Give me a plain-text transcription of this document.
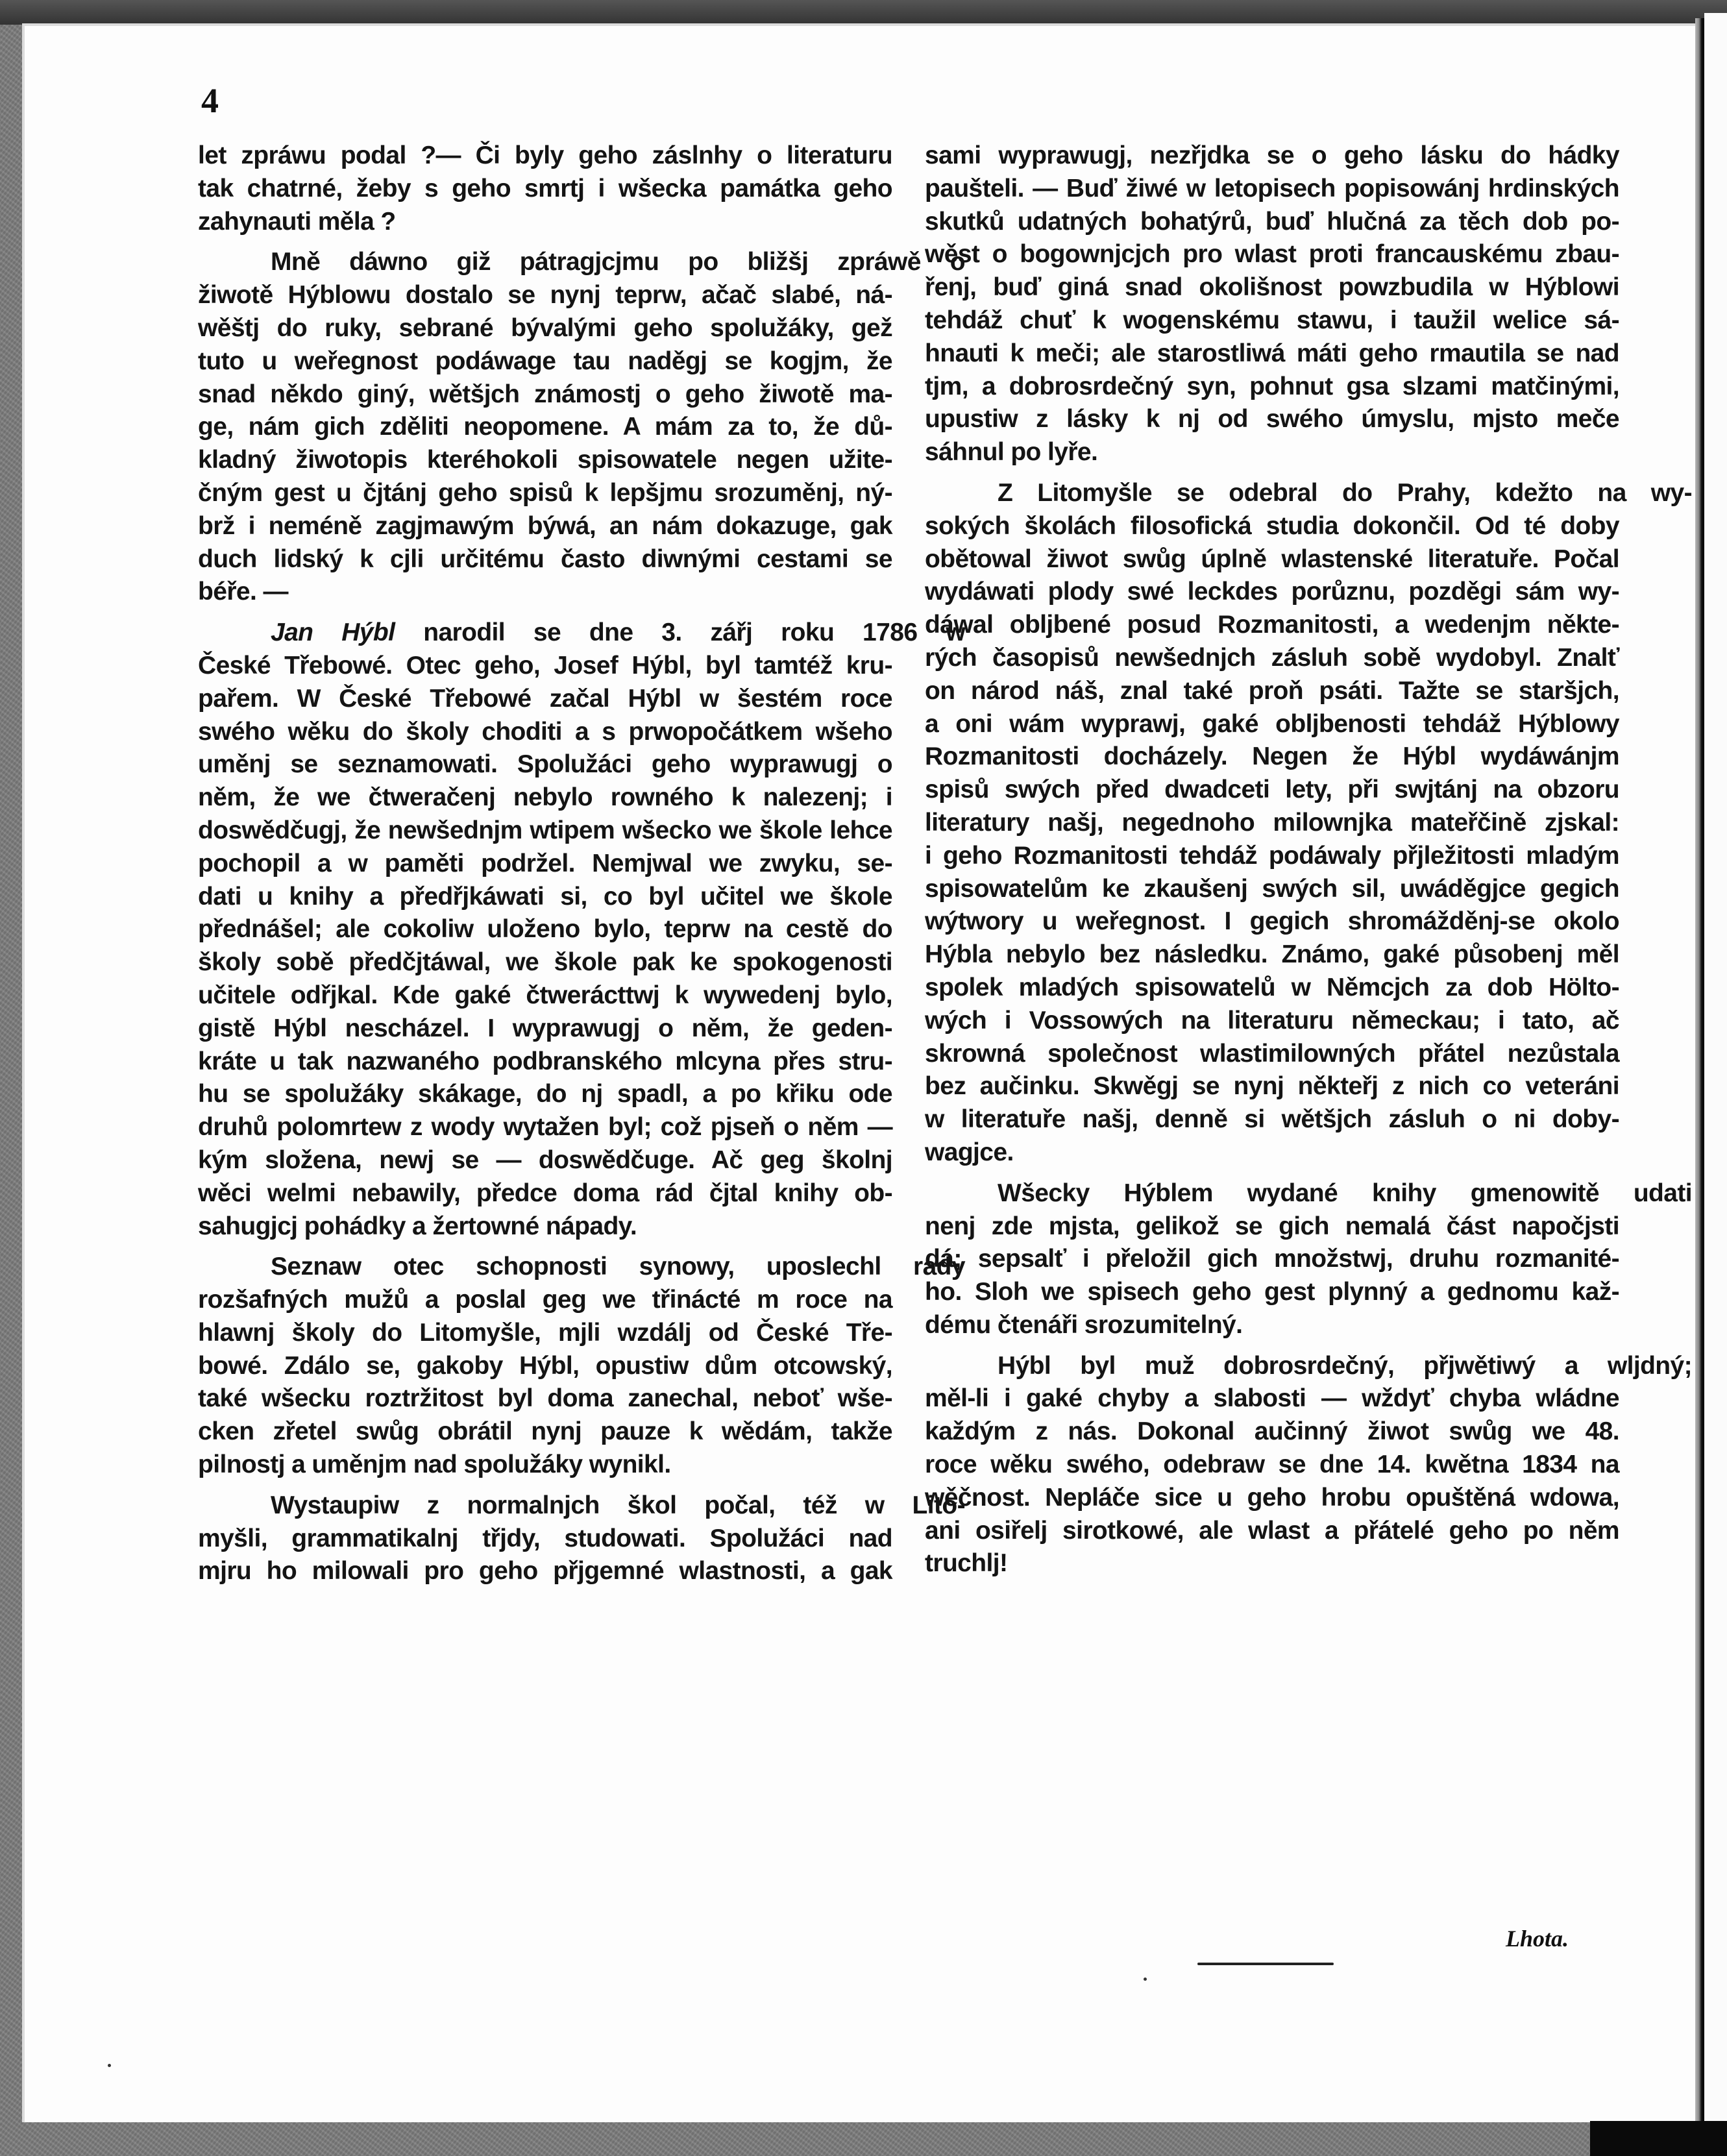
4
let zpráwu podal ?— Či byly geho záslnhy o literaturu
tak chatrné, žeby s geho smrtj i wšecka památka geho
zahynauti měla ?
Mně dáwno giž pátragjcjmu po bližšj zpráwě o
žiwotě Hýblowu dostalo se nynj teprw, ačač slabé, ná-
wěštj do ruky, sebrané bývalými geho spolužáky, gež
tuto u weřegnost podáwage tau naděgj se kogjm, že
snad někdo giný, wětšjch známostj o geho žiwotě ma-
ge, nám gich zděliti neopomene. A mám za to, že dů-
kladný žiwotopis kteréhokoli spisowatele negen užite-
čným gest u čjtánj geho spisů k lepšjmu srozuměnj, ný-
brž i neméně zagjmawým býwá, an nám dokazuge, gak
duch lidský k cjli určitému často diwnými cestami se
béře. —
Jan Hýbl narodil se dne 3. zářj roku 1786 w
České Třebowé. Otec geho, Josef Hýbl, byl tamtéž kru-
pařem. W České Třebowé začal Hýbl w šestém roce
swého wěku do školy choditi a s prwopočátkem wšeho
uměnj se seznamowati. Spolužáci geho wyprawugj o
něm, že we čtweračenj nebylo rowného k nalezenj; i
doswědčugj, že newšednjm wtipem wšecko we škole lehce
pochopil a w paměti podržel. Nemjwal we zwyku, se-
dati u knihy a předřjkáwati si, co byl učitel we škole
přednášel; ale cokoliw uloženo bylo, teprw na cestě do
školy sobě předčjtáwal, we škole pak ke spokogenosti
učitele odřjkal. Kde gaké čtwerácttwj k wywedenj bylo,
gistě Hýbl nescházel. I wyprawugj o něm, že geden-
kráte u tak nazwaného podbranského mlcyna přes stru-
hu se spolužáky skákage, do nj spadl, a po křiku ode
druhů polomrtew z wody wytažen byl; což pjseň o něm —
kým složena, newj se — doswědčuge. Ač geg školnj
wěci welmi nebawily, předce doma rád čjtal knihy ob-
sahugjcj pohádky a žertowné nápady.
Seznaw otec schopnosti synowy, uposlechl rady
rozšafných mužů a poslal geg we třinácté m roce na
hlawnj školy do Litomyšle, mjli wzdálj od České Tře-
bowé. Zdálo se, gakoby Hýbl, opustiw dům otcowský,
také wšecku roztržitost byl doma zanechal, neboť wše-
cken zřetel swůg obrátil nynj pauze k wědám, takže
pilnostj a uměnjm nad spolužáky wynikl.
Wystaupiw z normalnjch škol počal, též w Lito-
myšli, grammatikalnj třjdy, studowati. Spolužáci nad
mjru ho milowali pro geho přjgemné wlastnosti, a gak
sami wyprawugj, nezřjdka se o geho lásku do hádky
paušteli. — Buď žiwé w letopisech popisowánj hrdinských
skutků udatných bohatýrů, buď hlučná za těch dob po-
wěst o bogownjcjch pro wlast proti francauskému zbau-
řenj, buď giná snad okolišnost powzbudila w Hýblowi
tehdáž chuť k wogenskému stawu, i taužil welice sá-
hnauti k meči; ale starostliwá máti geho rmautila se nad
tjm, a dobrosrdečný syn, pohnut gsa slzami matčinými,
upustiw z lásky k nj od swého úmyslu, mjsto meče
sáhnul po lyře.
Z Litomyšle se odebral do Prahy, kdežto na wy-
sokých školách filosofická studia dokončil. Od té doby
obětowal žiwot swůg úplně wlastenské literatuře. Počal
wydáwati plody swé leckdes porůznu, pozděgi sám wy-
dáwal obljbené posud Rozmanitosti, a wedenjm někte-
rých časopisů newšednjch zásluh sobě wydobyl. Znalť
on národ náš, znal také proň psáti. Tažte se staršjch,
a oni wám wyprawj, gaké obljbenosti tehdáž Hýblowy
Rozmanitosti docházely. Negen že Hýbl wydáwánjm
spisů swých před dwadceti lety, při swjtánj na obzoru
literatury našj, negednoho milownjka mateřčině zjskal:
i geho Rozmanitosti tehdáž podáwaly přjležitosti mladým
spisowatelům ke zkaušenj swých sil, uwáděgjce gegich
wýtwory u weřegnost. I gegich shromážděnj-se okolo
Hýbla nebylo bez následku. Známo, gaké působenj měl
spolek mladých spisowatelů w Němcjch za dob Hölto-
wých i Vossowých na literaturu německau; i tato, ač
skrowná společnost wlastimilowných přátel nezůstala
bez aučinku. Skwěgj se nynj někteřj z nich co veteráni
w literatuře našj, denně si wětšjch zásluh o ni doby-
wagjce.
Wšecky Hýblem wydané knihy gmenowitě udati
nenj zde mjsta, gelikož se gich nemalá část napočjsti
dá; sepsalť i přeložil gich množstwj, druhu rozmanité-
ho. Sloh we spisech geho gest plynný a gednomu kaž-
dému čtenáři srozumitelný.
Hýbl byl muž dobrosrdečný, přjwětiwý a wljdný;
měl-li i gaké chyby a slabosti — wždyť chyba wládne
každým z nás. Dokonal aučinný žiwot swůg we 48.
roce wěku swého, odebraw se dne 14. kwětna 1834 na
wěčnost. Nepláče sice u geho hrobu opuštěná wdowa,
ani osiřelj sirotkowé, ale wlast a přátelé geho po něm
truchlj!
Lhota.
